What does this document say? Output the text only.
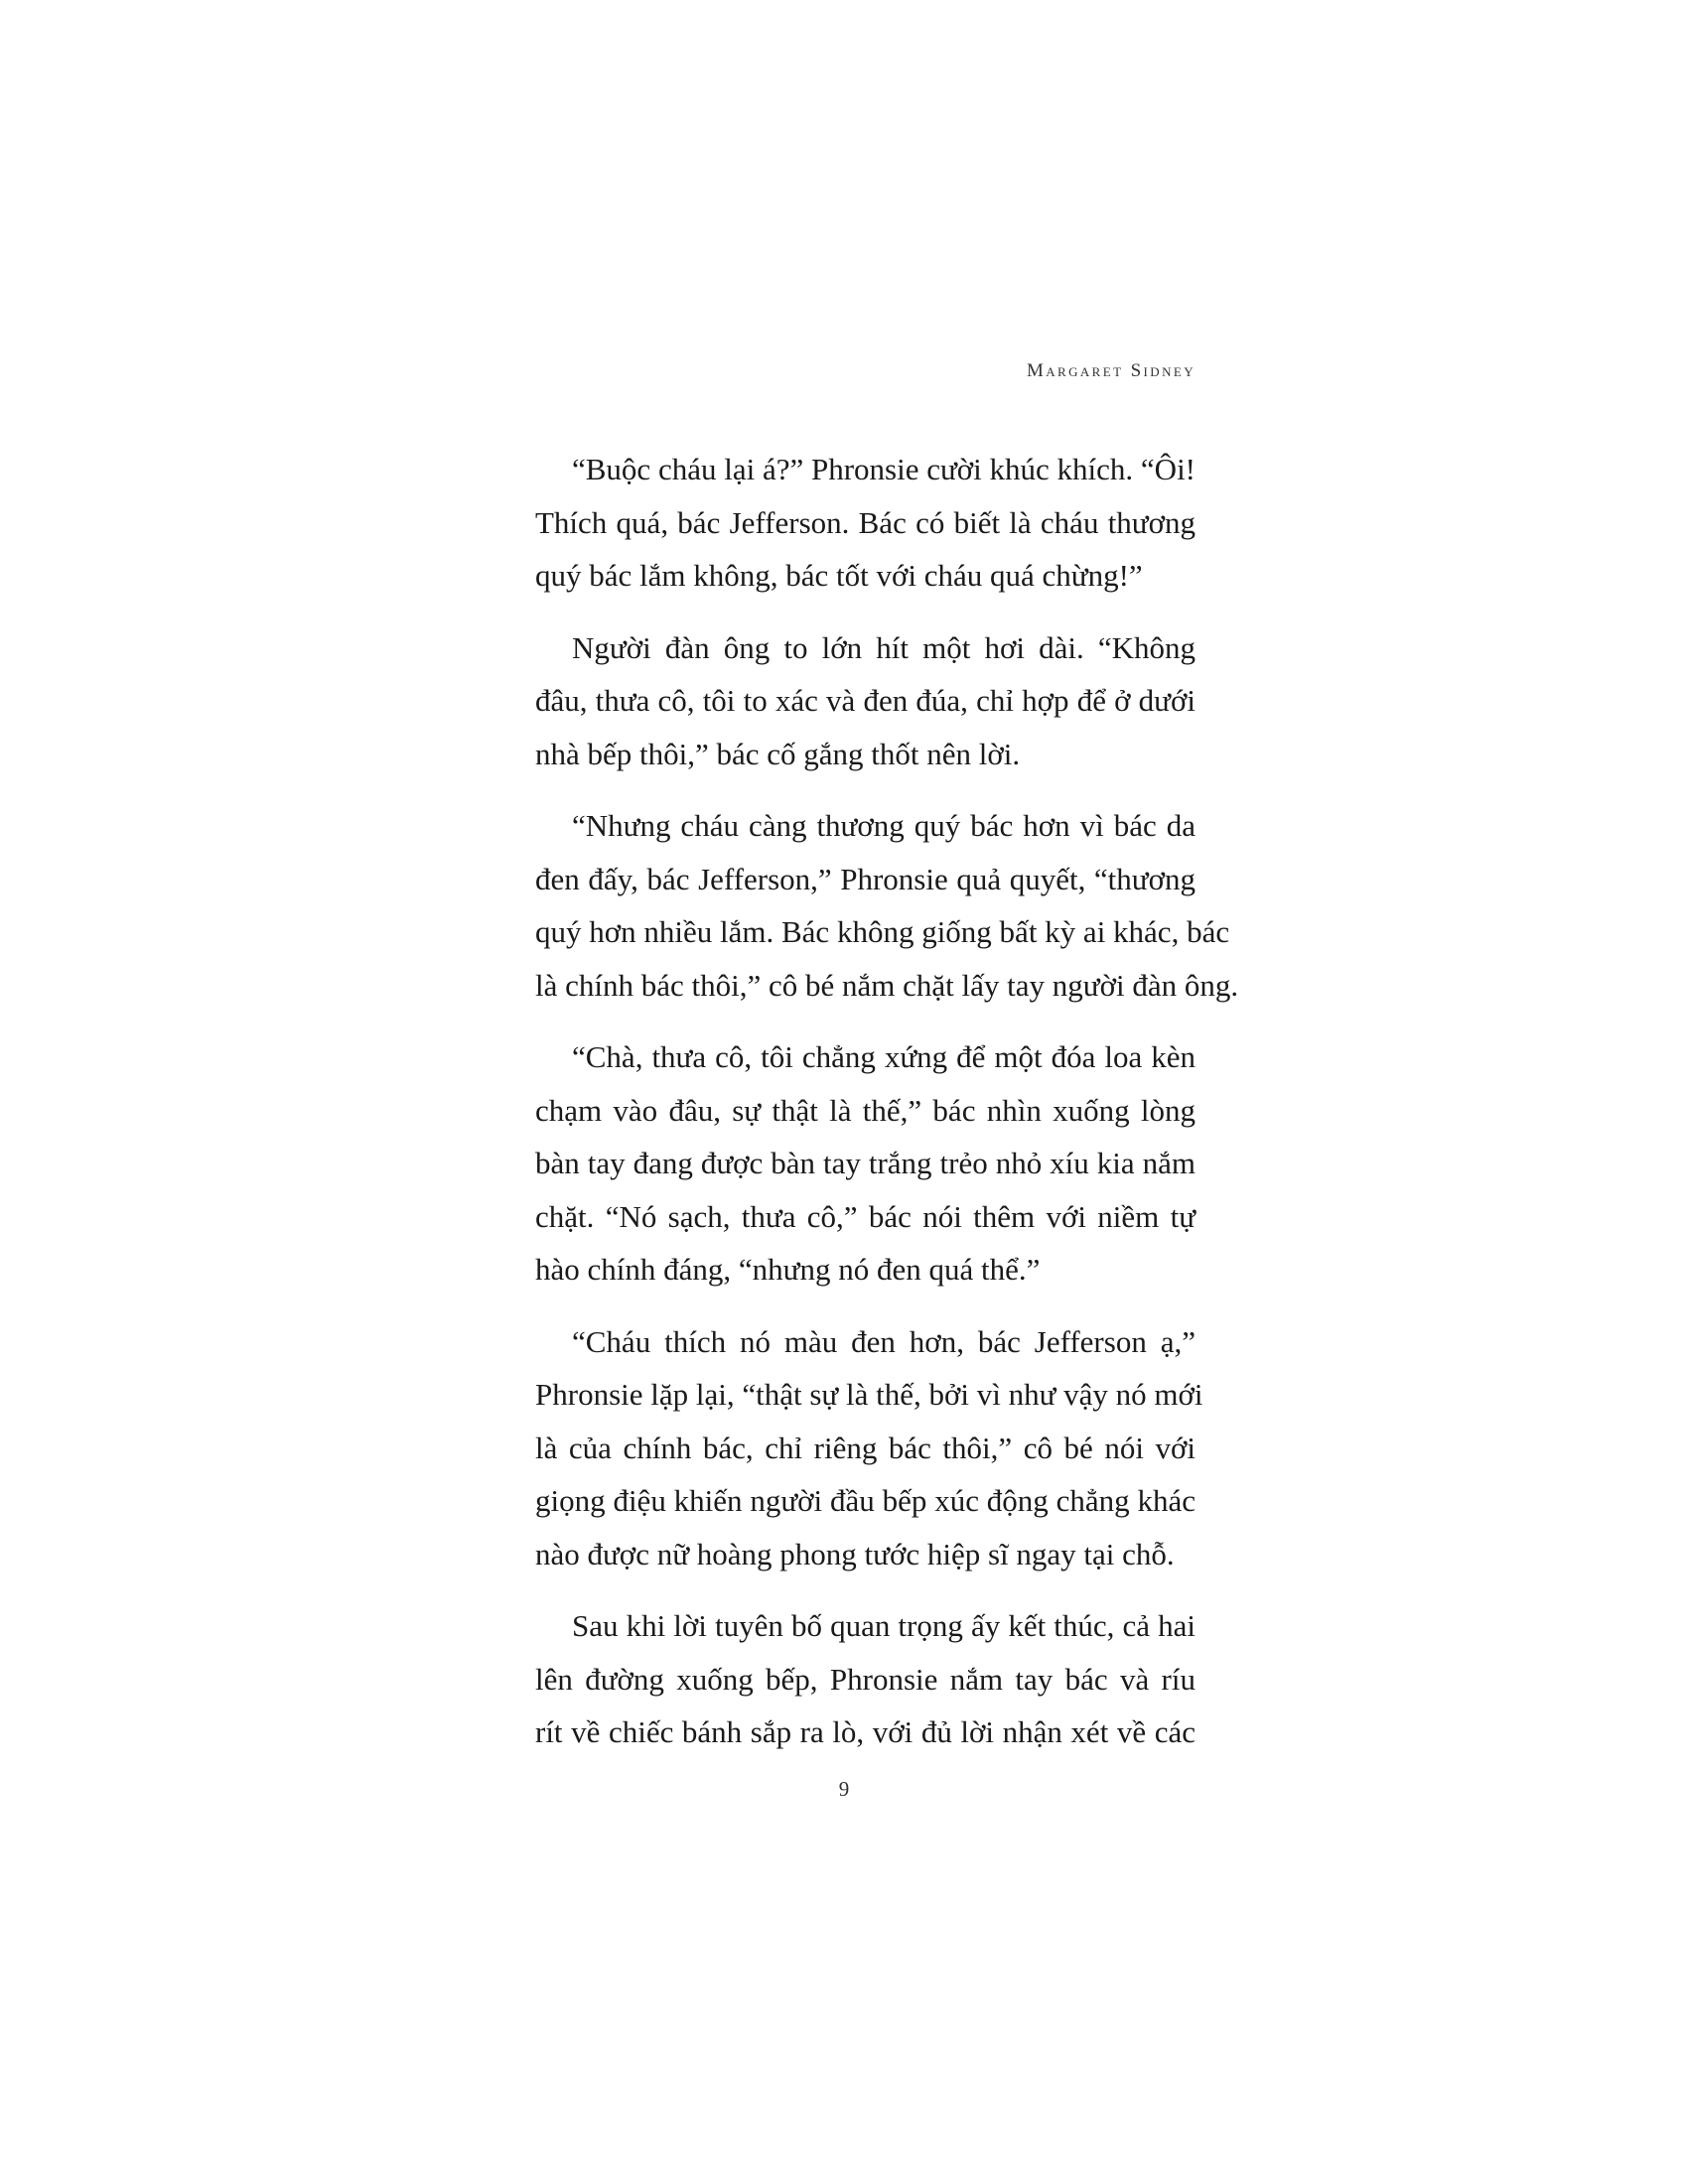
Margaret Sidney
“Buộc cháu lại á?” Phronsie cười khúc khích. “Ôi!
Thích quá, bác Jefferson. Bác có biết là cháu thương
quý bác lắm không, bác tốt với cháu quá chừng!”
Người đàn ông to lớn hít một hơi dài. “Không
đâu, thưa cô, tôi to xác và đen đúa, chỉ hợp để ở dưới
nhà bếp thôi,” bác cố gắng thốt nên lời.
“Nhưng cháu càng thương quý bác hơn vì bác da
đen đấy, bác Jefferson,” Phronsie quả quyết, “thương
quý hơn nhiều lắm. Bác không giống bất kỳ ai khác, bác
là chính bác thôi,” cô bé nắm chặt lấy tay người đàn ông.
“Chà, thưa cô, tôi chẳng xứng để một đóa loa kèn
chạm vào đâu, sự thật là thế,” bác nhìn xuống lòng
bàn tay đang được bàn tay trắng trẻo nhỏ xíu kia nắm
chặt. “Nó sạch, thưa cô,” bác nói thêm với niềm tự
hào chính đáng, “nhưng nó đen quá thể.”
“Cháu thích nó màu đen hơn, bác Jefferson ạ,”
Phronsie lặp lại, “thật sự là thế, bởi vì như vậy nó mới
là của chính bác, chỉ riêng bác thôi,” cô bé nói với
giọng điệu khiến người đầu bếp xúc động chẳng khác
nào được nữ hoàng phong tước hiệp sĩ ngay tại chỗ.
Sau khi lời tuyên bố quan trọng ấy kết thúc, cả hai
lên đường xuống bếp, Phronsie nắm tay bác và ríu
rít về chiếc bánh sắp ra lò, với đủ lời nhận xét về các
9
